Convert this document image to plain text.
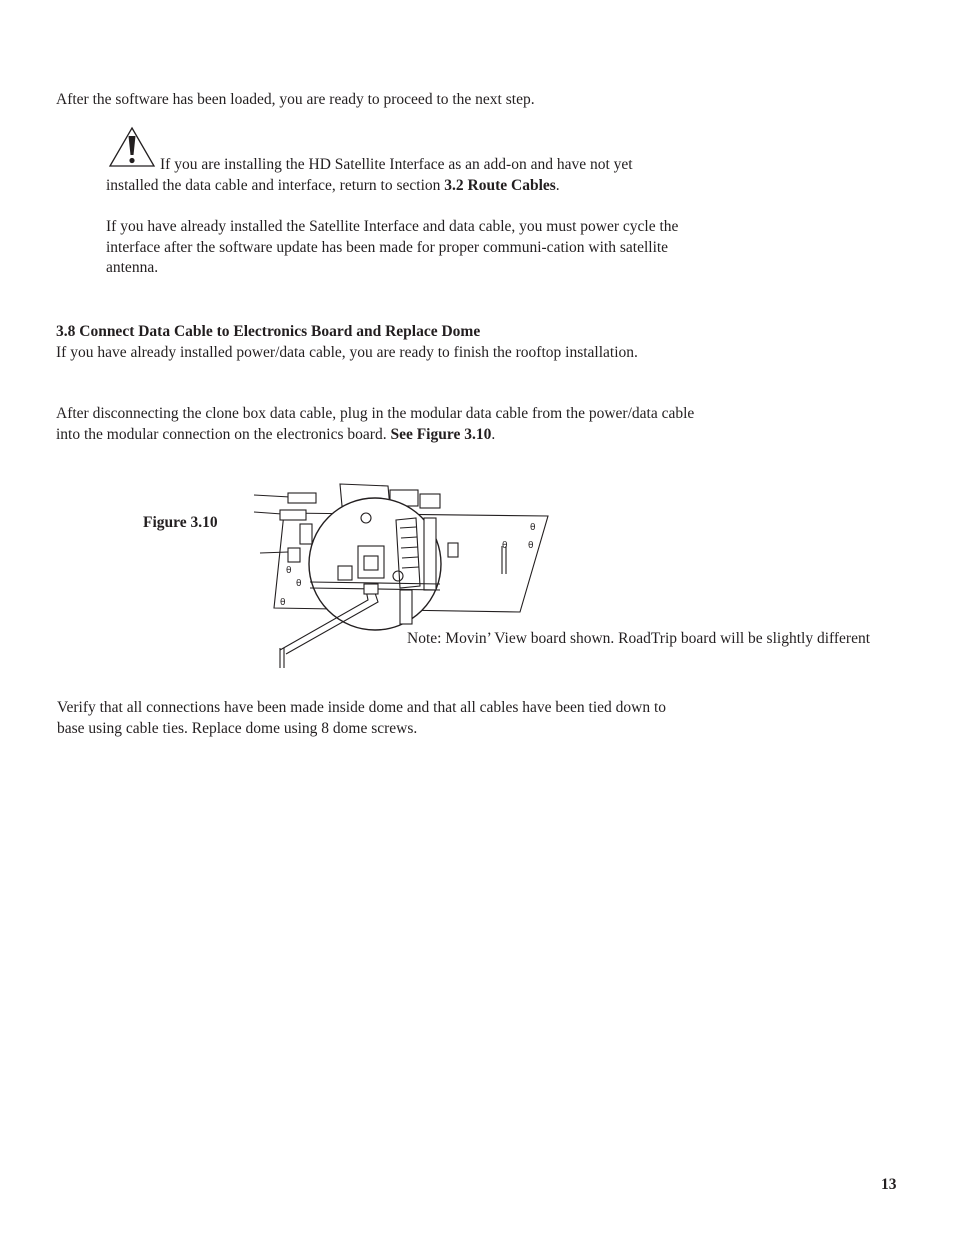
After the software has been loaded, you are ready to proceed to the next step.

If you are installing the HD Satellite Interface as an add-on and have not yet installed the data cable and interface, return to section 3.2 Route Cables.

If you have already installed the Satellite Interface and data cable, you must power cycle the interface after the software update has been made for proper communi-cation with satellite antenna.

3.8 Connect Data Cable to Electronics Board and Replace Dome

If you have already installed power/data cable, you are ready to finish the rooftop installation.

After disconnecting the clone box data cable, plug in the modular data cable from the power/data cable into the modular connection on the electronics board. See Figure 3.10.

Figure 3.10	θ
θ
θ
θ
θ
θ

Note: Movin’ View board shown. RoadTrip board will be slightly different

Verify that all connections have been made inside dome and that all cables have been tied down to base using cable ties. Replace dome using 8 dome screws.

13
